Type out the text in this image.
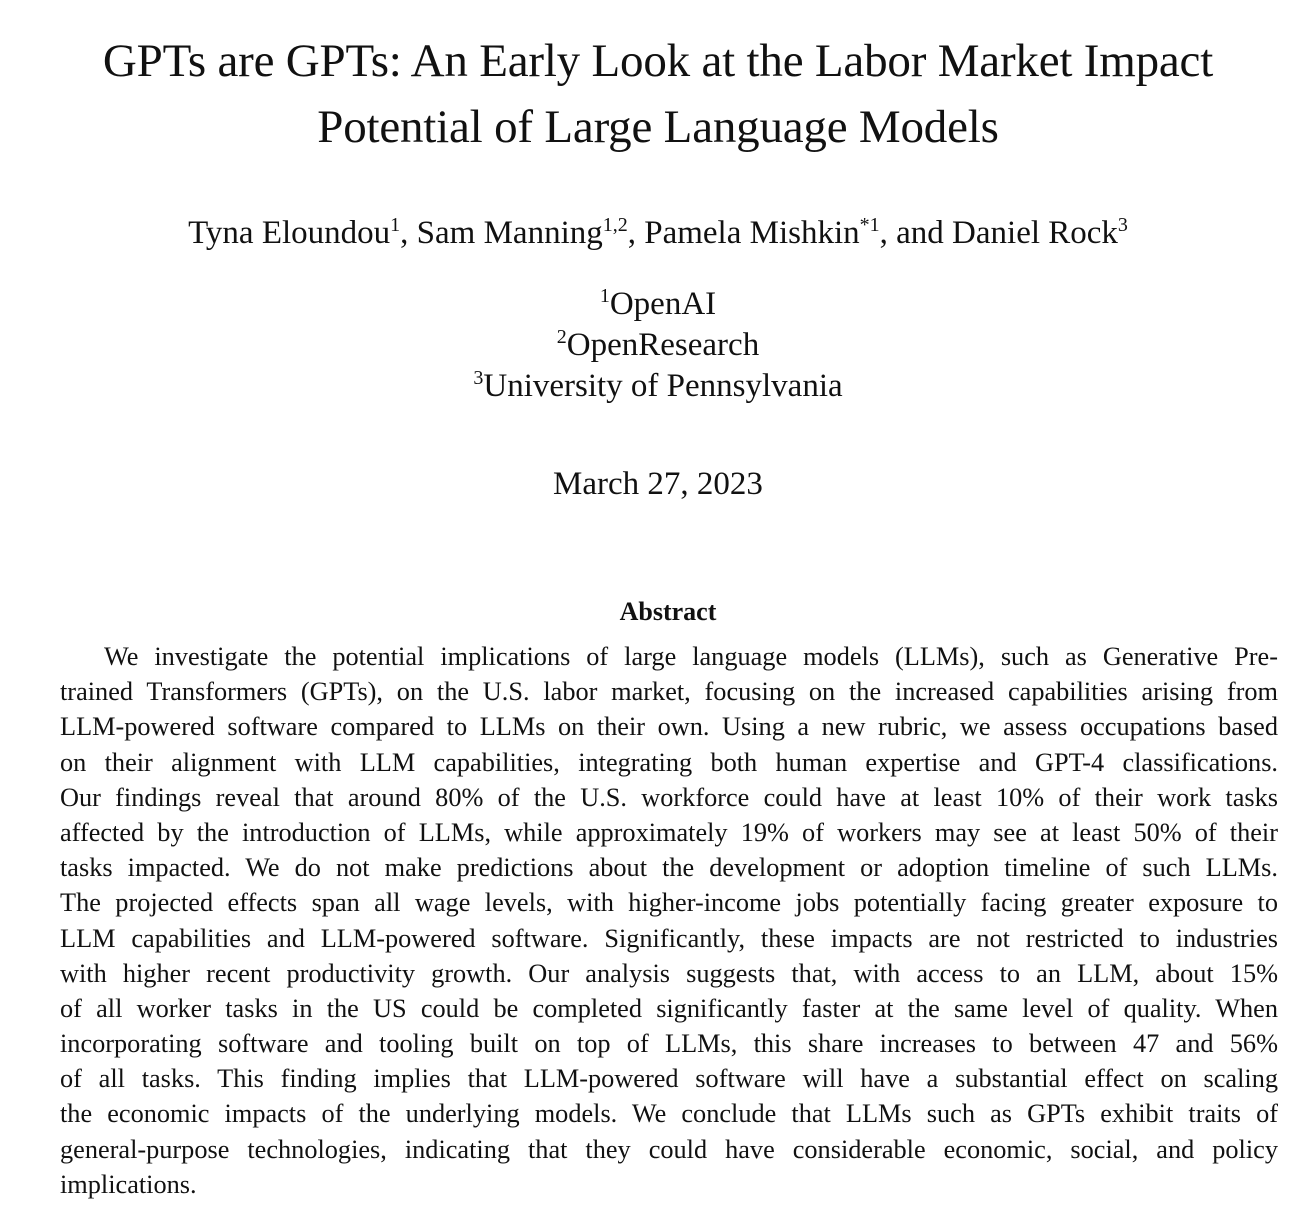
GPTs are GPTs: An Early Look at the Labor Market Impact
Potential of Large Language Models
Tyna Eloundou$^1$, Sam Manning$^{1,2}$, Pamela Mishkin$^{*1}$, and Daniel Rock$^3$
$^1$OpenAI
$^2$OpenResearch
$^3$University of Pennsylvania
March 27, 2023
Abstract
We investigate the potential implications of large language models (LLMs), such as Generative Pre-
trained Transformers (GPTs), on the U.S. labor market, focusing on the increased capabilities arising from
LLM-powered software compared to LLMs on their own. Using a new rubric, we assess occupations based
on their alignment with LLM capabilities, integrating both human expertise and GPT-4 classifications.
Our findings reveal that around 80% of the U.S. workforce could have at least 10% of their work tasks
affected by the introduction of LLMs, while approximately 19% of workers may see at least 50% of their
tasks impacted. We do not make predictions about the development or adoption timeline of such LLMs.
The projected effects span all wage levels, with higher-income jobs potentially facing greater exposure to
LLM capabilities and LLM-powered software. Significantly, these impacts are not restricted to industries
with higher recent productivity growth. Our analysis suggests that, with access to an LLM, about 15%
of all worker tasks in the US could be completed significantly faster at the same level of quality. When
incorporating software and tooling built on top of LLMs, this share increases to between 47 and 56%
of all tasks. This finding implies that LLM-powered software will have a substantial effect on scaling
the economic impacts of the underlying models. We conclude that LLMs such as GPTs exhibit traits of
general-purpose technologies, indicating that they could have considerable economic, social, and policy
implications.
